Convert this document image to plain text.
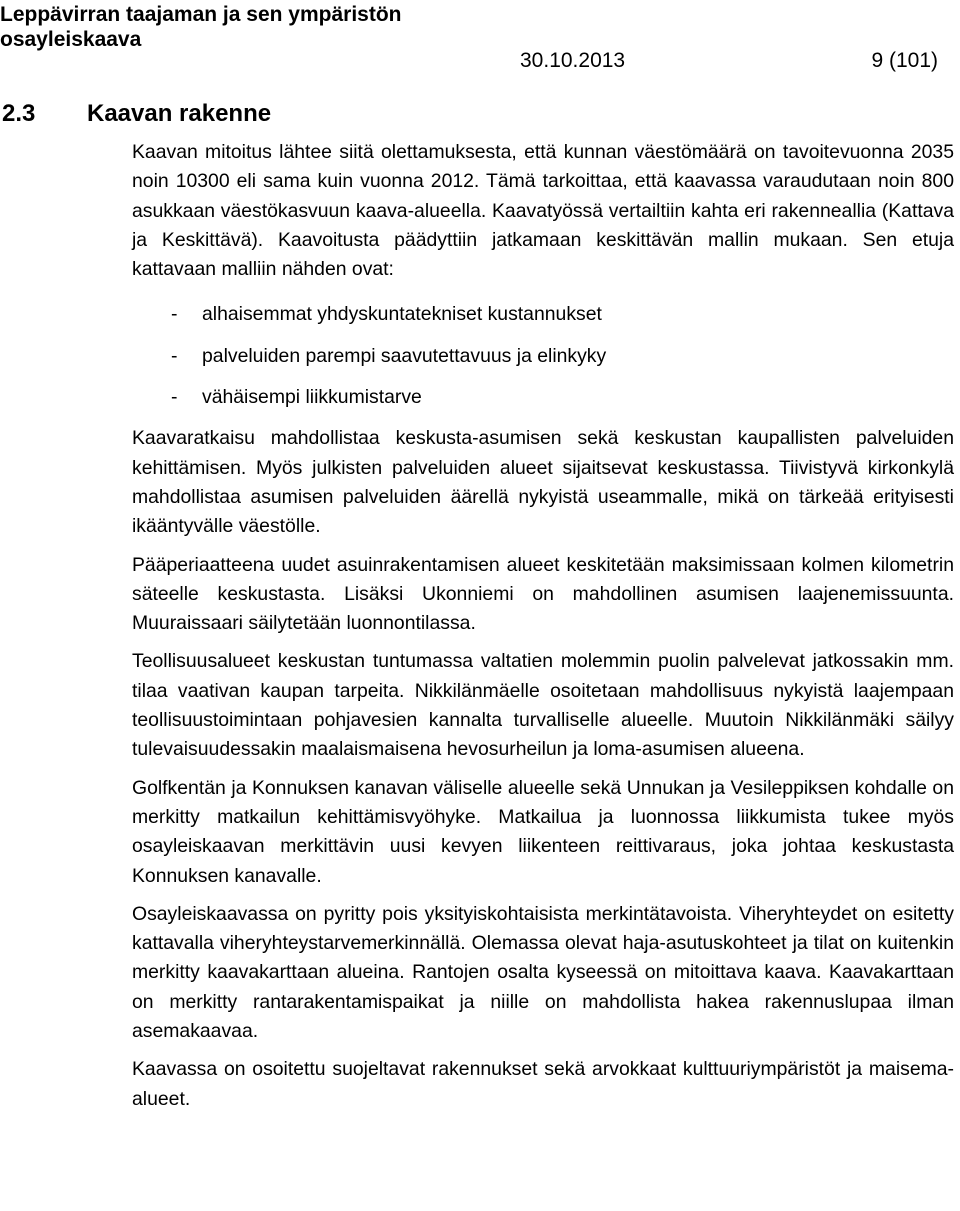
Leppävirran taajaman ja sen ympäristön
osayleiskaava
30.10.2013	9 (101)
2.3 Kaavan rakenne

Kaavan mitoitus lähtee siitä olettamuksesta, että kunnan väestömäärä on tavoitevuonna 2035 noin 10300 eli sama kuin vuonna 2012. Tämä tarkoittaa, että kaavassa varaudutaan noin 800 asukkaan väestökasvuun kaava-alueella. Kaavatyössä vertailtiin kahta eri rakenneallia (Kattava ja Keskittävä). Kaavoitusta päädyttiin jatkamaan keskittävän mallin mukaan. Sen etuja kattavaan malliin nähden ovat:

- alhaisemmat yhdyskuntatekniset kustannukset
- palveluiden parempi saavutettavuus ja elinkyky
- vähäisempi liikkumistarve

Kaavaratkaisu mahdollistaa keskusta-asumisen sekä keskustan kaupallisten palveluiden kehittämisen. Myös julkisten palveluiden alueet sijaitsevat keskustassa. Tiivistyvä kirkonkylä mahdollistaa asumisen palveluiden äärellä nykyistä useammalle, mikä on tärkeää erityisesti ikääntyvälle väestölle.

Pääperiaatteena uudet asuinrakentamisen alueet keskitetään maksimissaan kolmen kilometrin säteelle keskustasta. Lisäksi Ukonniemi on mahdollinen asumisen laajenemissuunta. Muuraissaari säilytetään luonnontilassa.

Teollisuusalueet keskustan tuntumassa valtatien molemmin puolin palvelevat jatkossakin mm. tilaa vaativan kaupan tarpeita. Nikkilänmäelle osoitetaan mahdollisuus nykyistä laajempaan teollisuustoimintaan pohjavesien kannalta turvalliselle alueelle. Muutoin Nikkilänmäki säilyy tulevaisuudessakin maalaismaisena hevosurheilun ja loma-asumisen alueena.

Golfkentän ja Konnuksen kanavan väliselle alueelle sekä Unnukan ja Vesileppiksen kohdalle on merkitty matkailun kehittämisvyöhyke. Matkailua ja luonnossa liikkumista tukee myös osayleiskaavan merkittävin uusi kevyen liikenteen reittivaraus, joka johtaa keskustasta Konnuksen kanavalle.

Osayleiskaavassa on pyritty pois yksityiskohtaisista merkintätavoista. Viheryhteydet on esitetty kattavalla viheryhteystarvemerkinnällä. Olemassa olevat haja-asutuskohteet ja tilat on kuitenkin merkitty kaavakarttaan alueina. Rantojen osalta kyseessä on mitoittava kaava. Kaavakarttaan on merkitty rantarakentamispaikat ja niille on mahdollista hakea rakennuslupaa ilman asemakaavaa.

Kaavassa on osoitettu suojeltavat rakennukset sekä arvokkaat kulttuuriympäristöt ja maisema-alueet.
